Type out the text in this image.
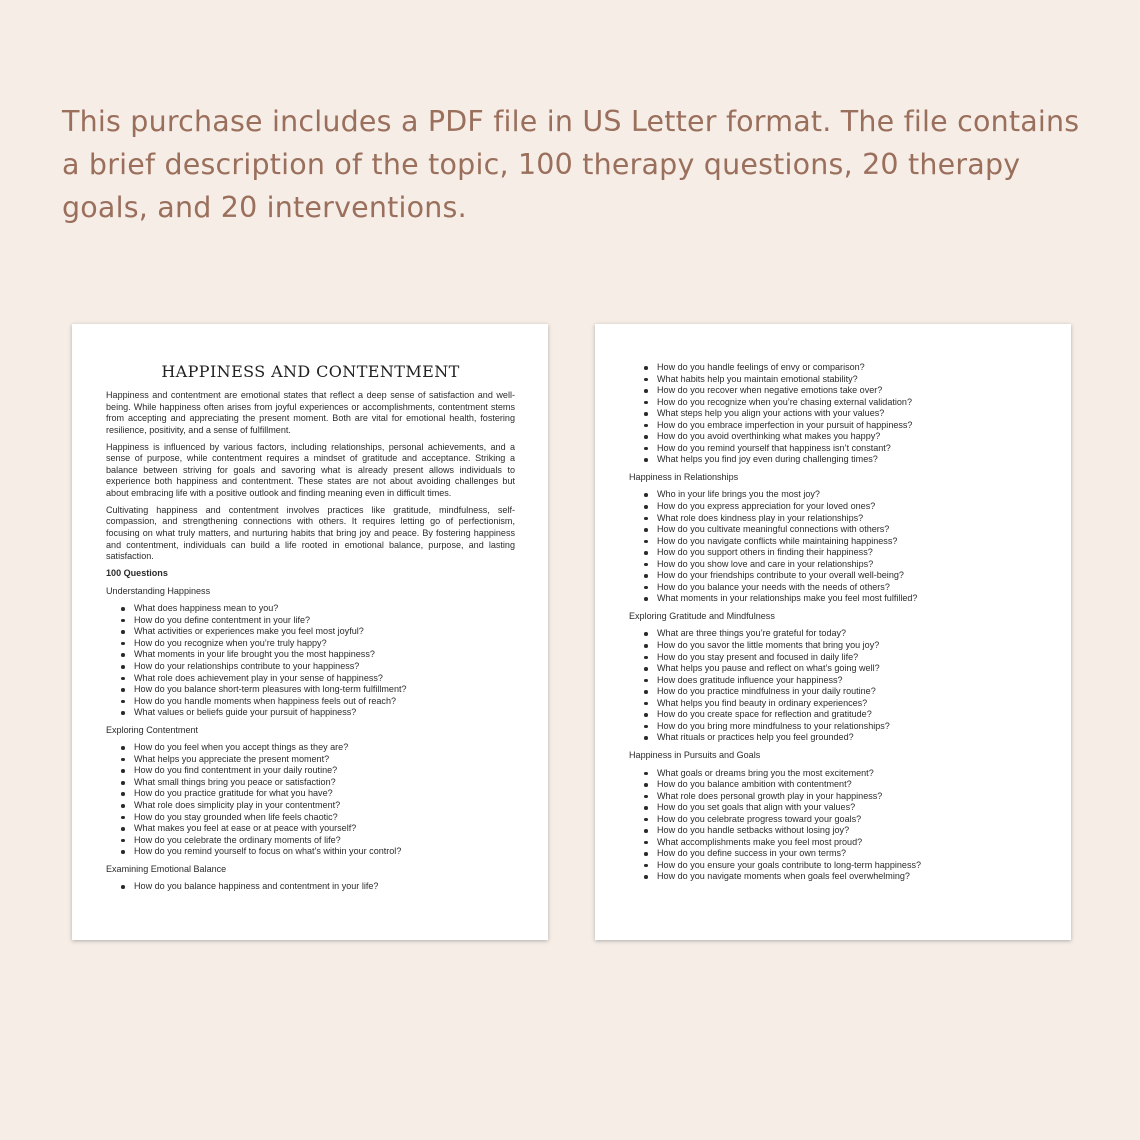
This purchase includes a PDF file in US Letter format. The file contains a brief description of the topic, 100 therapy questions, 20 therapy goals, and 20 interventions.
HAPPINESS AND CONTENTMENT

Happiness and contentment are emotional states that reflect a deep sense of satisfaction and well-being. While happiness often arises from joyful experiences or accomplishments, contentment stems from accepting and appreciating the present moment. Both are vital for emotional health, fostering resilience, positivity, and a sense of fulfillment.

Happiness is influenced by various factors, including relationships, personal achievements, and a sense of purpose, while contentment requires a mindset of gratitude and acceptance. Striking a balance between striving for goals and savoring what is already present allows individuals to experience both happiness and contentment. These states are not about avoiding challenges but about embracing life with a positive outlook and finding meaning even in difficult times.

Cultivating happiness and contentment involves practices like gratitude, mindfulness, self-compassion, and strengthening connections with others. It requires letting go of perfectionism, focusing on what truly matters, and nurturing habits that bring joy and peace. By fostering happiness and contentment, individuals can build a life rooted in emotional balance, purpose, and lasting satisfaction.

100 Questions
Understanding Happiness
What does happiness mean to you?
How do you define contentment in your life?
What activities or experiences make you feel most joyful?
How do you recognize when you’re truly happy?
What moments in your life brought you the most happiness?
How do your relationships contribute to your happiness?
What role does achievement play in your sense of happiness?
How do you balance short-term pleasures with long-term fulfillment?
How do you handle moments when happiness feels out of reach?
What values or beliefs guide your pursuit of happiness?
Exploring Contentment
How do you feel when you accept things as they are?
What helps you appreciate the present moment?
How do you find contentment in your daily routine?
What small things bring you peace or satisfaction?
How do you practice gratitude for what you have?
What role does simplicity play in your contentment?
How do you stay grounded when life feels chaotic?
What makes you feel at ease or at peace with yourself?
How do you celebrate the ordinary moments of life?
How do you remind yourself to focus on what’s within your control?
Examining Emotional Balance
How do you balance happiness and contentment in your life?
How do you handle feelings of envy or comparison?
What habits help you maintain emotional stability?
How do you recover when negative emotions take over?
How do you recognize when you’re chasing external validation?
What steps help you align your actions with your values?
How do you embrace imperfection in your pursuit of happiness?
How do you avoid overthinking what makes you happy?
How do you remind yourself that happiness isn’t constant?
What helps you find joy even during challenging times?
Happiness in Relationships
Who in your life brings you the most joy?
How do you express appreciation for your loved ones?
What role does kindness play in your relationships?
How do you cultivate meaningful connections with others?
How do you navigate conflicts while maintaining happiness?
How do you support others in finding their happiness?
How do you show love and care in your relationships?
How do your friendships contribute to your overall well-being?
How do you balance your needs with the needs of others?
What moments in your relationships make you feel most fulfilled?
Exploring Gratitude and Mindfulness
What are three things you’re grateful for today?
How do you savor the little moments that bring you joy?
How do you stay present and focused in daily life?
What helps you pause and reflect on what’s going well?
How does gratitude influence your happiness?
How do you practice mindfulness in your daily routine?
What helps you find beauty in ordinary experiences?
How do you create space for reflection and gratitude?
How do you bring more mindfulness to your relationships?
What rituals or practices help you feel grounded?
Happiness in Pursuits and Goals
What goals or dreams bring you the most excitement?
How do you balance ambition with contentment?
What role does personal growth play in your happiness?
How do you set goals that align with your values?
How do you celebrate progress toward your goals?
How do you handle setbacks without losing joy?
What accomplishments make you feel most proud?
How do you define success in your own terms?
How do you ensure your goals contribute to long-term happiness?
How do you navigate moments when goals feel overwhelming?
